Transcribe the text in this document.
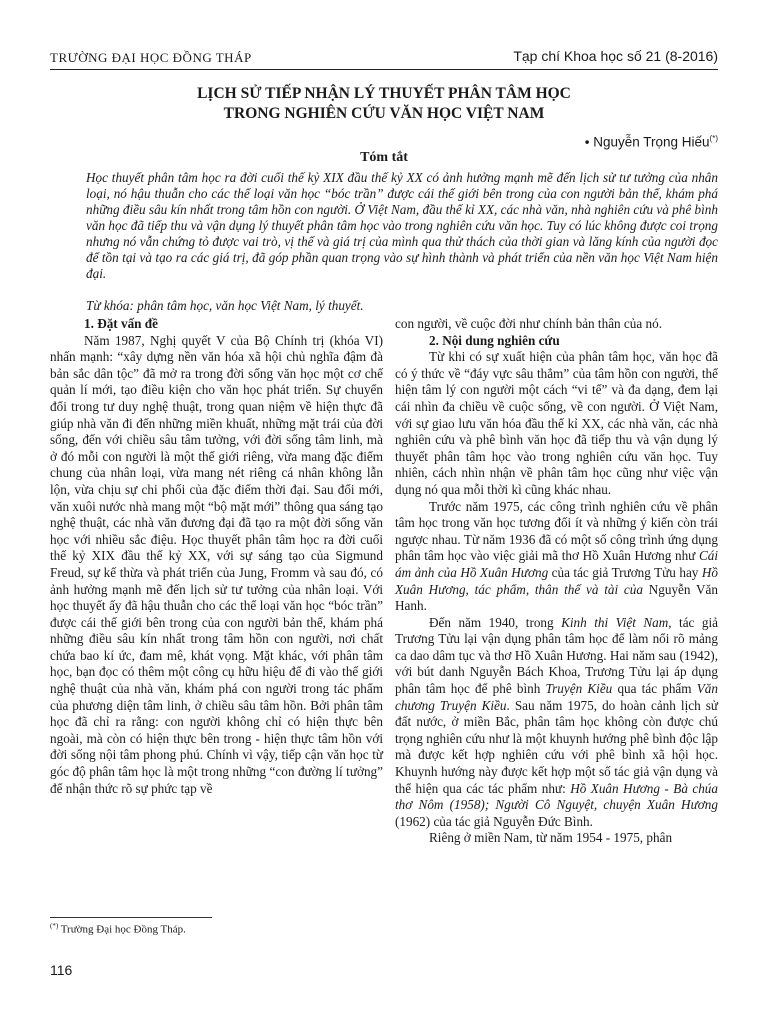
TRƯỜNG ĐẠI HỌC ĐỒNG THÁP	Tạp chí Khoa học số 21 (8-2016)
LỊCH SỬ TIẾP NHẬN LÝ THUYẾT PHÂN TÂM HỌC
TRONG NGHIÊN CỨU VĂN HỌC VIỆT NAM
• Nguyễn Trọng Hiếu(*)
Tóm tắt

Học thuyết phân tâm học ra đời cuối thế kỷ XIX đầu thế kỷ XX có ảnh hưởng mạnh mẽ đến lịch sử tư tưởng của nhân loại, nó hậu thuẫn cho các thể loại văn học “bóc trần” được cái thế giới bên trong của con người bản thể, khám phá những điều sâu kín nhất trong tâm hồn con người. Ở Việt Nam, đầu thế kỉ XX, các nhà văn, nhà nghiên cứu và phê bình văn học đã tiếp thu và vận dụng lý thuyết phân tâm học vào trong nghiên cứu văn học. Tuy có lúc không được coi trọng nhưng nó vẫn chứng tỏ được vai trò, vị thế và giá trị của mình qua thử thách của thời gian và lăng kính của người đọc để tồn tại và tạo ra các giá trị, đã góp phần quan trọng vào sự hình thành và phát triển của nền văn học Việt Nam hiện đại.

Từ khóa: phân tâm học, văn học Việt Nam, lý thuyết.
1. Đặt vấn đề

Năm 1987, Nghị quyết V của Bộ Chính trị (khóa VI) nhấn mạnh: “xây dựng nền văn hóa xã hội chủ nghĩa đậm đà bản sắc dân tộc” đã mở ra trong đời sống văn học một cơ chế quản lí mới, tạo điều kiện cho văn học phát triển. Sự chuyển đổi trong tư duy nghệ thuật, trong quan niệm về hiện thực đã giúp nhà văn đi đến những miền khuất, những mặt trái của đời sống, đến với chiều sâu tâm tưởng, với đời sống tâm linh, mà ở đó mỗi con người là một thế giới riêng, vừa mang đặc điểm chung của nhân loại, vừa mang nét riêng cá nhân không lẫn lộn, vừa chịu sự chi phối của đặc điểm thời đại. Sau đổi mới, văn xuôi nước nhà mang một “bộ mặt mới” thông qua sáng tạo nghệ thuật, các nhà văn đương đại đã tạo ra một đời sống văn học với nhiều sắc điệu. Học thuyết phân tâm học ra đời cuối thế kỷ XIX đầu thế kỷ XX, với sự sáng tạo của Sigmund Freud, sự kế thừa và phát triển của Jung, Fromm và sau đó, có ảnh hưởng mạnh mẽ đến lịch sử tư tưởng của nhân loại. Với học thuyết ấy đã hậu thuẫn cho các thể loại văn học “bóc trần” được cái thế giới bên trong của con người bản thể, khám phá những điều sâu kín nhất trong tâm hồn con người, nơi chất chứa bao kí ức, đam mê, khát vọng. Mặt khác, với phân tâm học, bạn đọc có thêm một công cụ hữu hiệu để đi vào thế giới nghệ thuật của nhà văn, khám phá con người trong tác phẩm của phương diện tâm linh, ở chiều sâu tâm hồn. Bởi phân tâm học đã chỉ ra rằng: con người không chỉ có hiện thực bên ngoài, mà còn có hiện thực bên trong - hiện thực tâm hồn với đời sống nội tâm phong phú. Chính vì vậy, tiếp cận văn học từ góc độ phân tâm học là một trong những “con đường lí tưởng” để nhận thức rõ sự phức tạp về

con người, về cuộc đời như chính bản thân của nó.

2. Nội dung nghiên cứu

Từ khi có sự xuất hiện của phân tâm học, văn học đã có ý thức về “đáy vực sâu thẳm” của tâm hồn con người, thể hiện tâm lý con người một cách “vi tế” và đa dạng, đem lại cái nhìn đa chiều về cuộc sống, về con người. Ở Việt Nam, với sự giao lưu văn hóa đầu thế kỉ XX, các nhà văn, các nhà nghiên cứu và phê bình văn học đã tiếp thu và vận dụng lý thuyết phân tâm học vào trong nghiên cứu văn học. Tuy nhiên, cách nhìn nhận về phân tâm học cũng như việc vận dụng nó qua mỗi thời kì cũng khác nhau.

Trước năm 1975, các công trình nghiên cứu về phân tâm học trong văn học tương đối ít và những ý kiến còn trái ngược nhau. Từ năm 1936 đã có một số công trình ứng dụng phân tâm học vào việc giải mã thơ Hồ Xuân Hương như Cái ám ảnh của Hồ Xuân Hương của tác giả Trương Tửu hay Hồ Xuân Hương, tác phẩm, thân thế và tài của Nguyễn Văn Hanh.

Đến năm 1940, trong Kinh thi Việt Nam, tác giả Trương Tửu lại vận dụng phân tâm học để làm nổi rõ mảng ca dao dâm tục và thơ Hồ Xuân Hương. Hai năm sau (1942), với bút danh Nguyễn Bách Khoa, Trương Tửu lại áp dụng phân tâm học để phê bình Truyện Kiều qua tác phẩm Văn chương Truyện Kiều. Sau năm 1975, do hoàn cảnh lịch sử đất nước, ở miền Bắc, phân tâm học không còn được chú trọng nghiên cứu như là một khuynh hướng phê bình độc lập mà được kết hợp nghiên cứu với phê bình xã hội học. Khuynh hướng này được kết hợp một số tác giả vận dụng và thể hiện qua các tác phẩm như: Hồ Xuân Hương - Bà chúa thơ Nôm (1958); Người Cô Nguyệt, chuyện Xuân Hương (1962) của tác giả Nguyễn Đức Bình.

Riêng ở miền Nam, từ năm 1954 - 1975, phân

(*) Trường Đại học Đồng Tháp.
116
